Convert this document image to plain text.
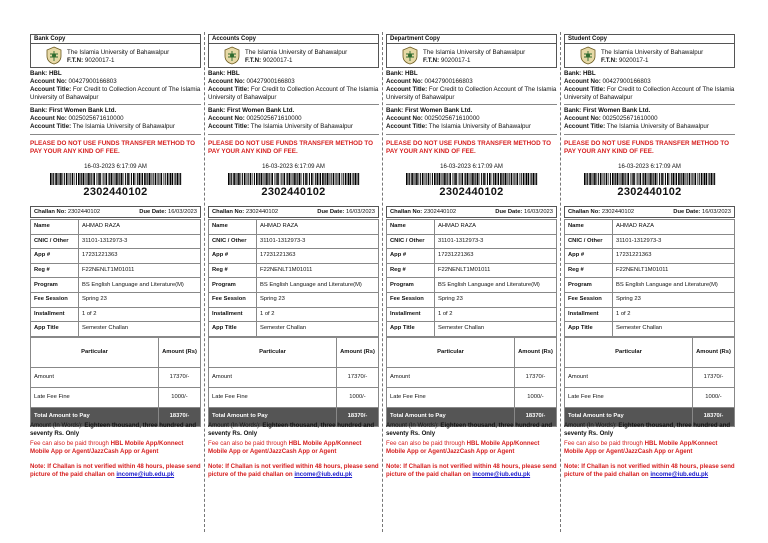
Bank Copy
The Islamia University of Bahawalpur
F.T.N: 9020017-1
Bank: HBL
Account No: 00427900166803
Account Title: For Credit to Collection Account of The Islamia University of Bahawalpur
Bank: First Women Bank Ltd.
Account No: 0025025671610000
Account Title: The Islamia University of Bahawalpur
PLEASE DO NOT USE FUNDS TRANSFER METHOD TO PAY YOUR ANY KIND OF FEE.
16-03-2023 6:17:09 AM
2302440102
Challan No: 2302440102	Due Date: 16/03/2023
Name	AHMAD RAZA
CNIC / Other	31101-1312973-3
App #	17231221363
Reg #	F22NENLT1M01011
Program	BS English Language and Literature(M)
Fee Session	Spring 23
Installment	1 of 2
App Title	Semester Challan
Particular	Amount (Rs)
Amount	17370/-
Late Fee Fine	1000/-
Total Amount to Pay	18370/-
Amount (In Words): Eighteen thousand, three hundred and seventy Rs. Only
Fee can also be paid through HBL Mobile App/Konnect Mobile App or Agent/JazzCash App or Agent
Note: If Challan is not verified within 48 hours, please send picture of the paid challan on income@iub.edu.pk
Accounts Copy
The Islamia University of Bahawalpur
F.T.N: 9020017-1
Bank: HBL
Account No: 00427900166803
Account Title: For Credit to Collection Account of The Islamia University of Bahawalpur
Bank: First Women Bank Ltd.
Account No: 0025025671610000
Account Title: The Islamia University of Bahawalpur
PLEASE DO NOT USE FUNDS TRANSFER METHOD TO PAY YOUR ANY KIND OF FEE.
16-03-2023 6:17:09 AM
2302440102
Challan No: 2302440102	Due Date: 16/03/2023
Name	AHMAD RAZA
CNIC / Other	31101-1312973-3
App #	17231221363
Reg #	F22NENLT1M01011
Program	BS English Language and Literature(M)
Fee Session	Spring 23
Installment	1 of 2
App Title	Semester Challan
Particular	Amount (Rs)
Amount	17370/-
Late Fee Fine	1000/-
Total Amount to Pay	18370/-
Amount (In Words): Eighteen thousand, three hundred and seventy Rs. Only
Fee can also be paid through HBL Mobile App/Konnect Mobile App or Agent/JazzCash App or Agent
Note: If Challan is not verified within 48 hours, please send picture of the paid challan on income@iub.edu.pk
Department Copy
The Islamia University of Bahawalpur
F.T.N: 9020017-1
Bank: HBL
Account No: 00427900166803
Account Title: For Credit to Collection Account of The Islamia University of Bahawalpur
Bank: First Women Bank Ltd.
Account No: 0025025671610000
Account Title: The Islamia University of Bahawalpur
PLEASE DO NOT USE FUNDS TRANSFER METHOD TO PAY YOUR ANY KIND OF FEE.
16-03-2023 6:17:09 AM
2302440102
Challan No: 2302440102	Due Date: 16/03/2023
Name	AHMAD RAZA
CNIC / Other	31101-1312973-3
App #	17231221363
Reg #	F22NENLT1M01011
Program	BS English Language and Literature(M)
Fee Session	Spring 23
Installment	1 of 2
App Title	Semester Challan
Particular	Amount (Rs)
Amount	17370/-
Late Fee Fine	1000/-
Total Amount to Pay	18370/-
Amount (In Words): Eighteen thousand, three hundred and seventy Rs. Only
Fee can also be paid through HBL Mobile App/Konnect Mobile App or Agent/JazzCash App or Agent
Note: If Challan is not verified within 48 hours, please send picture of the paid challan on income@iub.edu.pk
Student Copy
The Islamia University of Bahawalpur
F.T.N: 9020017-1
Bank: HBL
Account No: 00427900166803
Account Title: For Credit to Collection Account of The Islamia University of Bahawalpur
Bank: First Women Bank Ltd.
Account No: 0025025671610000
Account Title: The Islamia University of Bahawalpur
PLEASE DO NOT USE FUNDS TRANSFER METHOD TO PAY YOUR ANY KIND OF FEE.
16-03-2023 6:17:09 AM
2302440102
Challan No: 2302440102	Due Date: 16/03/2023
Name	AHMAD RAZA
CNIC / Other	31101-1312973-3
App #	17231221363
Reg #	F22NENLT1M01011
Program	BS English Language and Literature(M)
Fee Session	Spring 23
Installment	1 of 2
App Title	Semester Challan
Particular	Amount (Rs)
Amount	17370/-
Late Fee Fine	1000/-
Total Amount to Pay	18370/-
Amount (In Words): Eighteen thousand, three hundred and seventy Rs. Only
Fee can also be paid through HBL Mobile App/Konnect Mobile App or Agent/JazzCash App or Agent
Note: If Challan is not verified within 48 hours, please send picture of the paid challan on income@iub.edu.pk
